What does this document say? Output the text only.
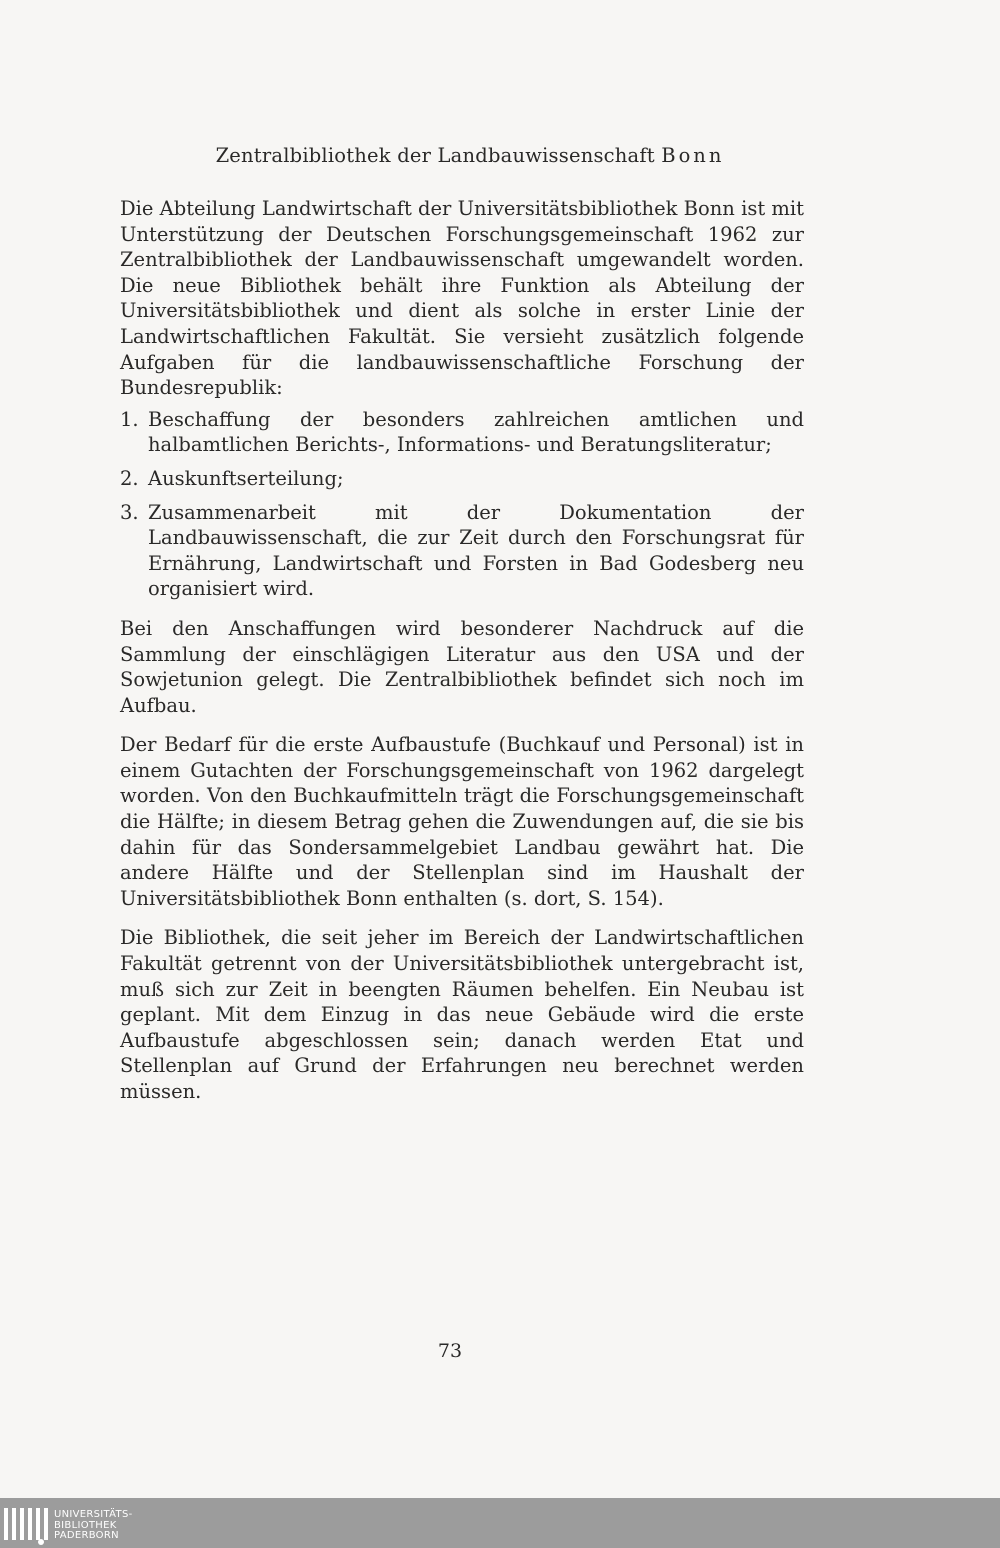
Zentralbibliothek der Landbauwissenschaft Bonn

Die Abteilung Landwirtschaft der Universitätsbibliothek Bonn ist mit Unterstützung der Deutschen Forschungsgemeinschaft 1962 zur Zentralbibliothek der Landbauwissenschaft umgewandelt worden. Die neue Bibliothek behält ihre Funktion als Abteilung der Universitätsbibliothek und dient als solche in erster Linie der Landwirtschaftlichen Fakultät. Sie versieht zusätzlich folgende Aufgaben für die landbauwissenschaftliche Forschung der Bundesrepublik:

1. Beschaffung der besonders zahlreichen amtlichen und halbamtlichen Berichts-, Informations- und Beratungsliteratur;
2. Auskunftserteilung;
3. Zusammenarbeit mit der Dokumentation der Landbauwissenschaft, die zur Zeit durch den Forschungsrat für Ernährung, Landwirtschaft und Forsten in Bad Godesberg neu organisiert wird.

Bei den Anschaffungen wird besonderer Nachdruck auf die Sammlung der einschlägigen Literatur aus den USA und der Sowjetunion gelegt. Die Zentralbibliothek befindet sich noch im Aufbau.

Der Bedarf für die erste Aufbaustufe (Buchkauf und Personal) ist in einem Gutachten der Forschungsgemeinschaft von 1962 dargelegt worden. Von den Buchkaufmitteln trägt die Forschungsgemeinschaft die Hälfte; in diesem Betrag gehen die Zuwendungen auf, die sie bis dahin für das Sondersammelgebiet Landbau gewährt hat. Die andere Hälfte und der Stellenplan sind im Haushalt der Universitätsbibliothek Bonn enthalten (s. dort, S. 154).

Die Bibliothek, die seit jeher im Bereich der Landwirtschaftlichen Fakultät getrennt von der Universitätsbibliothek untergebracht ist, muß sich zur Zeit in beengten Räumen behelfen. Ein Neubau ist geplant. Mit dem Einzug in das neue Gebäude wird die erste Aufbaustufe abgeschlossen sein; danach werden Etat und Stellenplan auf Grund der Erfahrungen neu berechnet werden müssen.

73
UNIVERSITÄTS-
BIBLIOTHEK
PADERBORN
